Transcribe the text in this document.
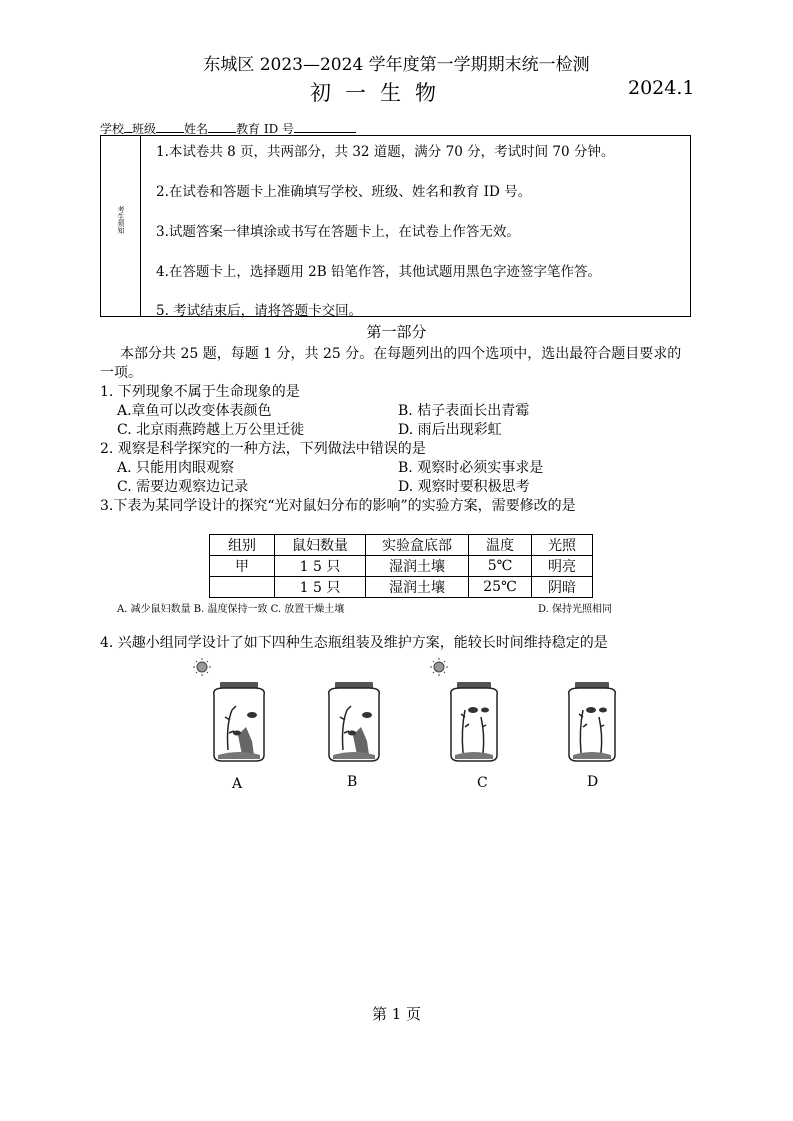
东城区 2023—2024 学年度第一学期期末统一检测
初一生物	2024.1
学校 班级 姓名 教育 ID 号
考生须知
1.本试卷共 8 页，共两部分，共 32 道题，满分 70 分，考试时间 70 分钟。
2.在试卷和答题卡上准确填写学校、班级、姓名和教育 ID 号。
3.试题答案一律填涂或书写在答题卡上，在试卷上作答无效。
4.在答题卡上，选择题用 2B 铅笔作答，其他试题用黑色字迹签字笔作答。
5. 考试结束后，请将答题卡交回。
第一部分
本部分共 25 题，每题 1 分，共 25 分。在每题列出的四个选项中，选出最符合题目要求的
一项。
1. 下列现象不属于生命现象的是
A.章鱼可以改变体表颜色	B. 桔子表面长出青霉
C. 北京雨燕跨越上万公里迁徙	D. 雨后出现彩虹
2. 观察是科学探究的一种方法，下列做法中错误的是
A. 只能用肉眼观察	B. 观察时必须实事求是
C. 需要边观察边记录	D. 观察时要积极思考
3.下表为某同学设计的探究“光对鼠妇分布的影响”的实验方案，需要修改的是
组别	鼠妇数量	实验盒底部	温度	光照
甲	1 5 只	湿润土壤	5℃	明亮
	1 5 只	湿润土壤	25℃	阴暗
A. 减少鼠妇数量 B. 温度保持一致 C. 放置干燥土壤	D. 保持光照相同
4. 兴趣小组同学设计了如下四种生态瓶组装及维护方案，能较长时间维持稳定的是
A	B	C	D
第 1 页
